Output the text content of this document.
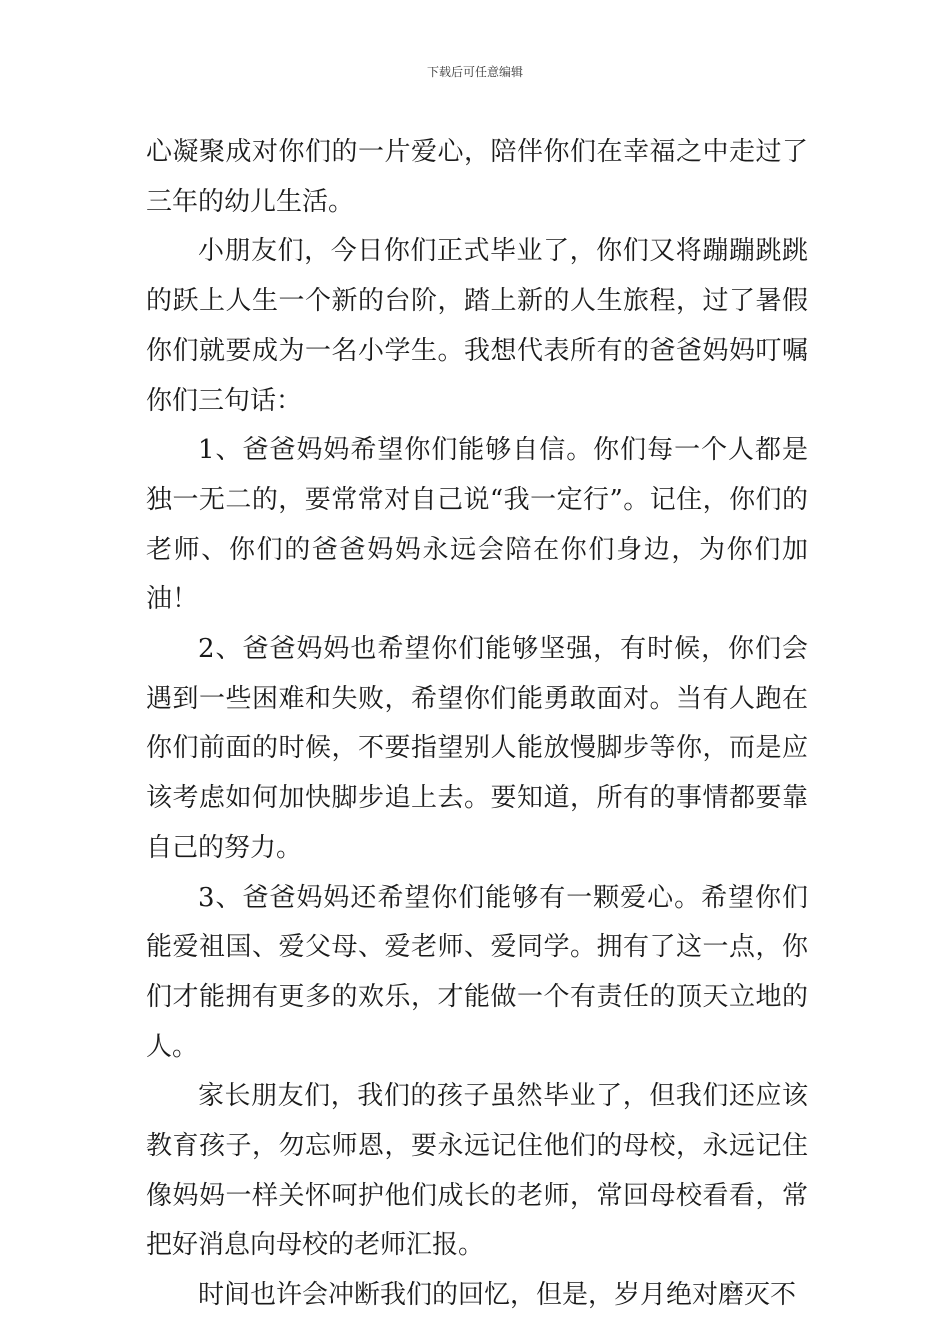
下载后可任意编辑

心凝聚成对你们的一片爱心，陪伴你们在幸福之中走过了三年的幼儿生活。

小朋友们，今日你们正式毕业了，你们又将蹦蹦跳跳的跃上人生一个新的台阶，踏上新的人生旅程，过了暑假你们就要成为一名小学生。我想代表所有的爸爸妈妈叮嘱你们三句话：

1、爸爸妈妈希望你们能够自信。你们每一个人都是独一无二的，要常常对自己说“我一定行”。记住，你们的老师、你们的爸爸妈妈永远会陪在你们身边，为你们加油！

2、爸爸妈妈也希望你们能够坚强，有时候，你们会遇到一些困难和失败，希望你们能勇敢面对。当有人跑在你们前面的时候，不要指望别人能放慢脚步等你，而是应该考虑如何加快脚步追上去。要知道，所有的事情都要靠自己的努力。

3、爸爸妈妈还希望你们能够有一颗爱心。希望你们能爱祖国、爱父母、爱老师、爱同学。拥有了这一点，你们才能拥有更多的欢乐，才能做一个有责任的顶天立地的人。

家长朋友们，我们的孩子虽然毕业了，但我们还应该教育孩子，勿忘师恩，要永远记住他们的母校，永远记住像妈妈一样关怀呵护他们成长的老师，常回母校看看，常把好消息向母校的老师汇报。

时间也许会冲断我们的回忆，但是，岁月绝对磨灭不
